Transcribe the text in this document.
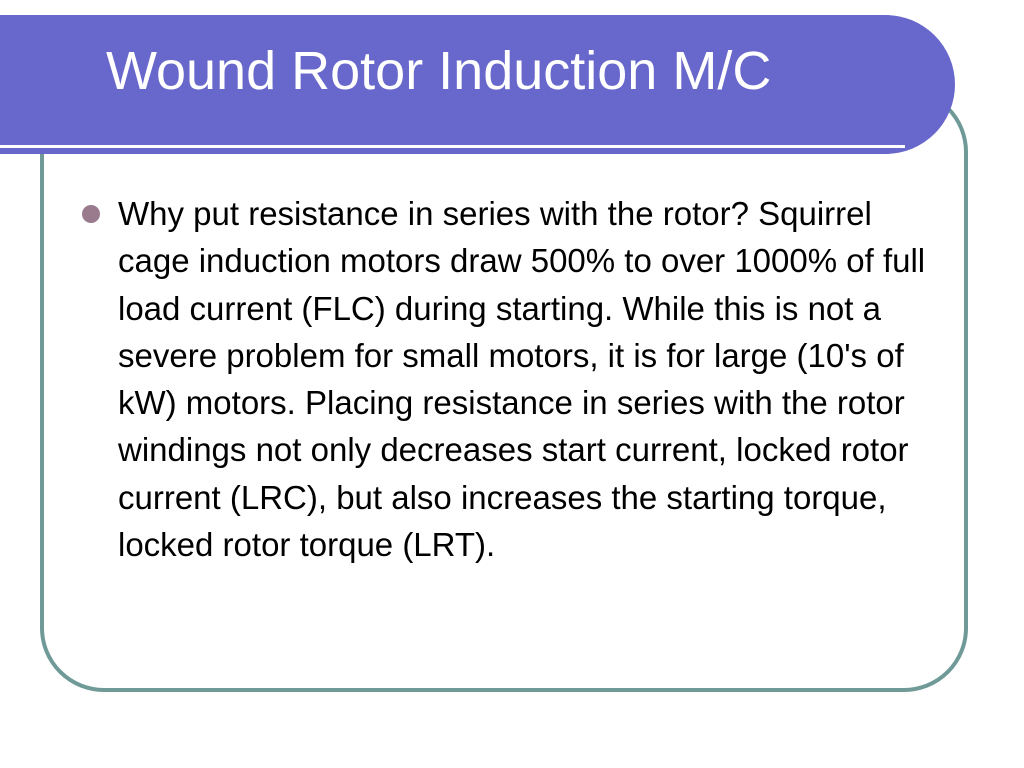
Wound Rotor Induction M/C
Why put resistance in series with the rotor? Squirrel cage induction motors draw 500% to over 1000% of full load current (FLC) during starting. While this is not a severe problem for small motors, it is for large (10's of kW) motors. Placing resistance in series with the rotor windings not only decreases start current, locked rotor current (LRC), but also increases the starting torque, locked rotor torque (LRT).
